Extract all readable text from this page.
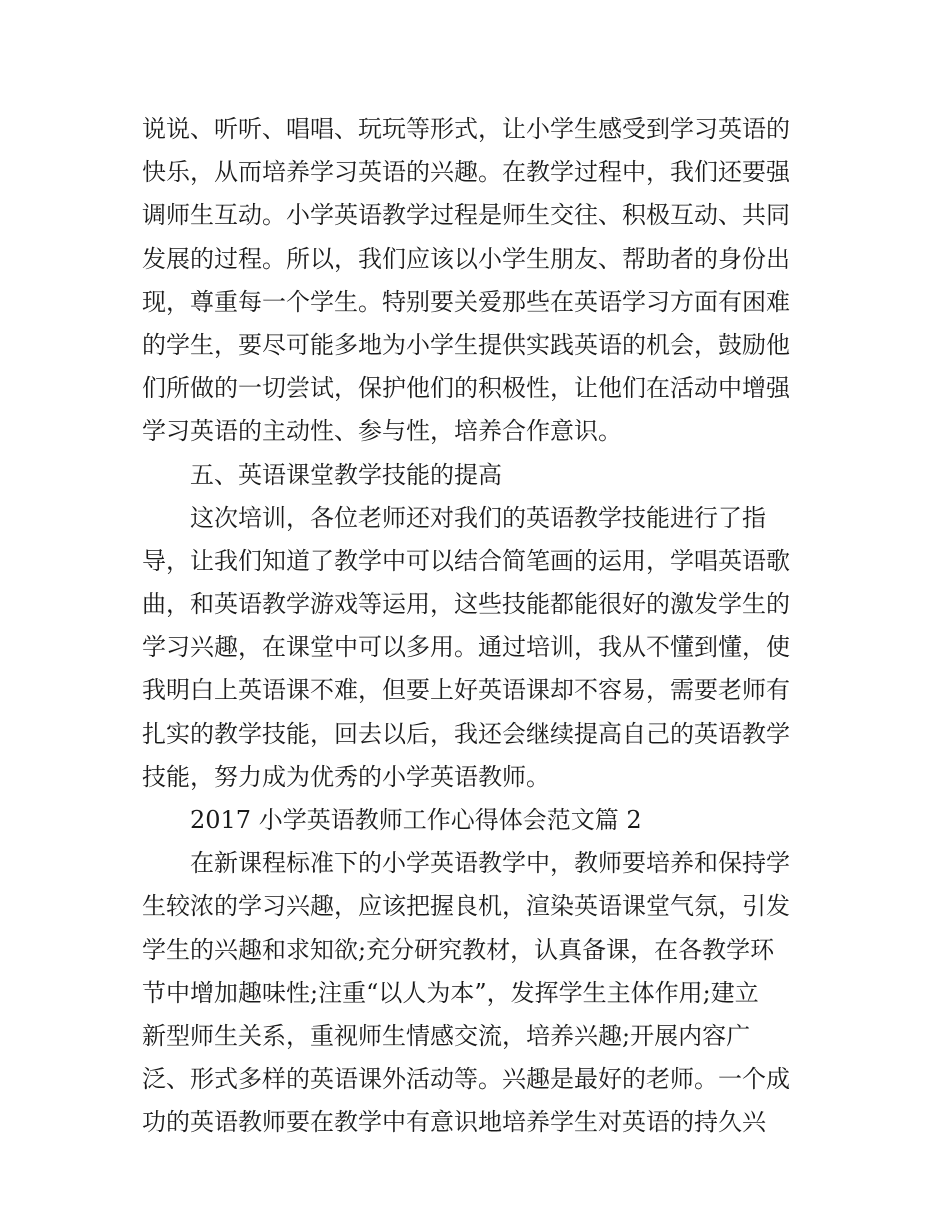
说说、听听、唱唱、玩玩等形式，让小学生感受到学习英语的
快乐，从而培养学习英语的兴趣。在教学过程中，我们还要强
调师生互动。小学英语教学过程是师生交往、积极互动、共同
发展的过程。所以，我们应该以小学生朋友、帮助者的身份出
现，尊重每一个学生。特别要关爱那些在英语学习方面有困难
的学生，要尽可能多地为小学生提供实践英语的机会，鼓励他
们所做的一切尝试，保护他们的积极性，让他们在活动中增强
学习英语的主动性、参与性，培养合作意识。
五、英语课堂教学技能的提高
这次培训，各位老师还对我们的英语教学技能进行了指
导，让我们知道了教学中可以结合简笔画的运用，学唱英语歌
曲，和英语教学游戏等运用，这些技能都能很好的激发学生的
学习兴趣，在课堂中可以多用。通过培训，我从不懂到懂，使
我明白上英语课不难，但要上好英语课却不容易，需要老师有
扎实的教学技能，回去以后，我还会继续提高自己的英语教学
技能，努力成为优秀的小学英语教师。
2017 小学英语教师工作心得体会范文篇 2
在新课程标准下的小学英语教学中，教师要培养和保持学
生较浓的学习兴趣，应该把握良机，渲染英语课堂气氛，引发
学生的兴趣和求知欲;充分研究教材，认真备课，在各教学环
节中增加趣味性;注重“以人为本”，发挥学生主体作用;建立
新型师生关系，重视师生情感交流，培养兴趣;开展内容广
泛、形式多样的英语课外活动等。兴趣是最好的老师。一个成
功的英语教师要在教学中有意识地培养学生对英语的持久兴
